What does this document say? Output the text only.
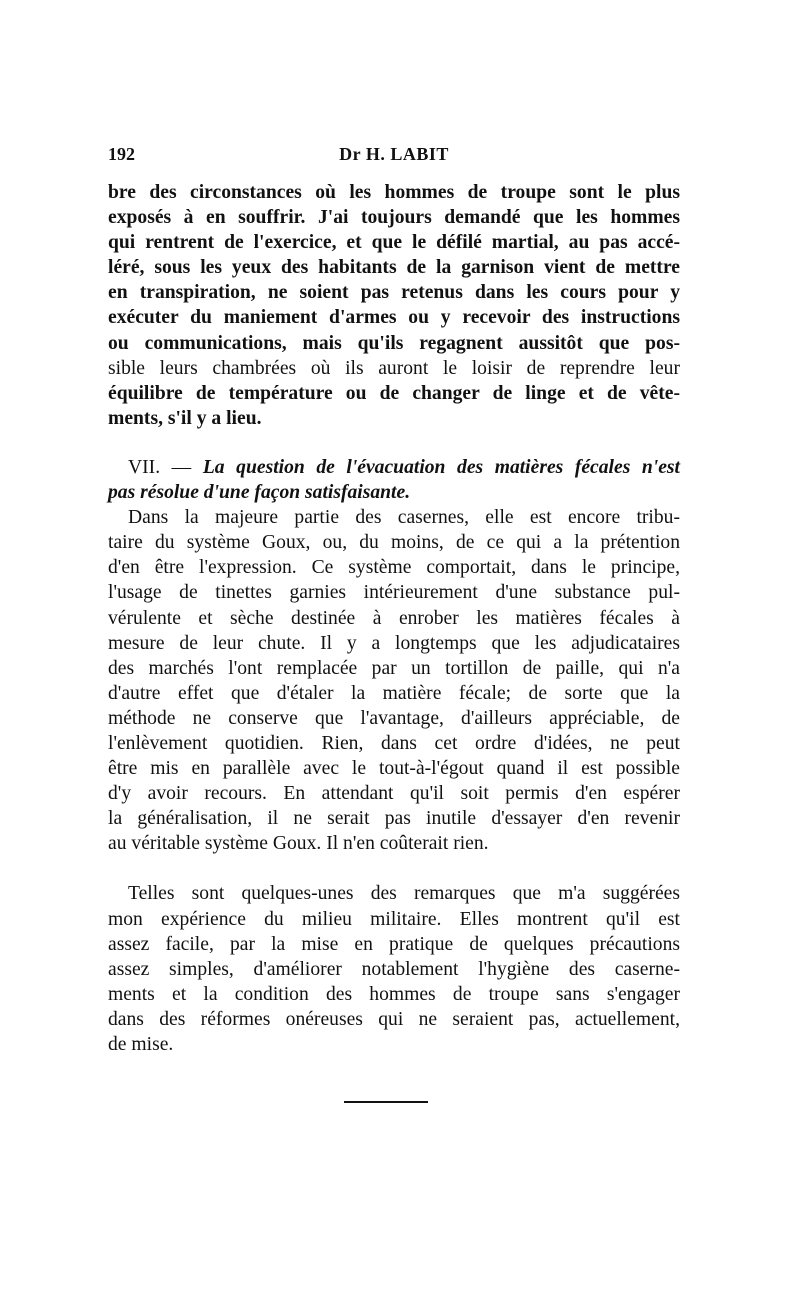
192	Dr H. LABIT
bre des circonstances où les hommes de troupe sont le plus
exposés à en souffrir. J'ai toujours demandé que les hommes
qui rentrent de l'exercice, et que le défilé martial, au pas accé-
léré, sous les yeux des habitants de la garnison vient de mettre
en transpiration, ne soient pas retenus dans les cours pour y
exécuter du maniement d'armes ou y recevoir des instructions
ou communications, mais qu'ils regagnent aussitôt que pos-
sible leurs chambrées où ils auront le loisir de reprendre leur
équilibre de température ou de changer de linge et de vête-
ments, s'il y a lieu.
VII. — La question de l'évacuation des matières fécales n'est
pas résolue d'une façon satisfaisante.
Dans la majeure partie des casernes, elle est encore tribu-
taire du système Goux, ou, du moins, de ce qui a la prétention
d'en être l'expression. Ce système comportait, dans le principe,
l'usage de tinettes garnies intérieurement d'une substance pul-
vérulente et sèche destinée à enrober les matières fécales à
mesure de leur chute. Il y a longtemps que les adjudicataires
des marchés l'ont remplacée par un tortillon de paille, qui n'a
d'autre effet que d'étaler la matière fécale; de sorte que la
méthode ne conserve que l'avantage, d'ailleurs appréciable, de
l'enlèvement quotidien. Rien, dans cet ordre d'idées, ne peut
être mis en parallèle avec le tout-à-l'égout quand il est possible
d'y avoir recours. En attendant qu'il soit permis d'en espérer
la généralisation, il ne serait pas inutile d'essayer d'en revenir
au véritable système Goux. Il n'en coûterait rien.
Telles sont quelques-unes des remarques que m'a suggérées
mon expérience du milieu militaire. Elles montrent qu'il est
assez facile, par la mise en pratique de quelques précautions
assez simples, d'améliorer notablement l'hygiène des caserne-
ments et la condition des hommes de troupe sans s'engager
dans des réformes onéreuses qui ne seraient pas, actuellement,
de mise.
